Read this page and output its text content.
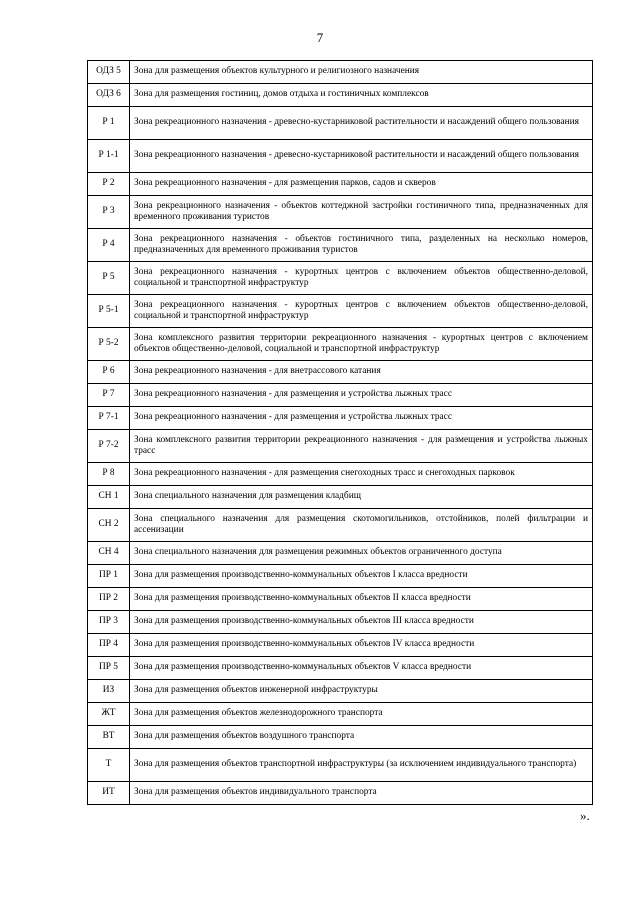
7
ОДЗ 5	Зона для размещения объектов культурного и религиозного назначения
ОДЗ 6	Зона для размещения гостиниц, домов отдыха и гостиничных комплексов
Р 1	Зона рекреационного назначения - древесно-кустарниковой растительности и насаждений общего пользования
Р 1-1	Зона рекреационного назначения - древесно-кустарниковой растительности и насаждений общего пользования
Р 2	Зона рекреационного назначения - для размещения парков, садов и скверов
Р 3	Зона рекреационного назначения - объектов коттеджной застройки гостиничного типа, предназначенных для временного проживания туристов
Р 4	Зона рекреационного назначения - объектов гостиничного типа, разделенных на несколько номеров, предназначенных для временного проживания туристов
Р 5	Зона рекреационного назначения - курортных центров с включением объектов общественно-деловой, социальной и транспортной инфраструктур
Р 5-1	Зона рекреационного назначения - курортных центров с включением объектов общественно-деловой, социальной и транспортной инфраструктур
Р 5-2	Зона комплексного развития территории рекреационного назначения - курортных центров с включением объектов общественно-деловой, социальной и транспортной инфраструктур
Р 6	Зона рекреационного назначения - для внетрассового катания
Р 7	Зона рекреационного назначения - для размещения и устройства лыжных трасс
Р 7-1	Зона рекреационного назначения - для размещения и устройства лыжных трасс
Р 7-2	Зона комплексного развития территории рекреационного назначения - для размещения и устройства лыжных трасс
Р 8	Зона рекреационного назначения - для размещения снегоходных трасс и снегоходных парковок
СН 1	Зона специального назначения для размещения кладбищ
СН 2	Зона специального назначения для размещения скотомогильников, отстойников, полей фильтрации и ассенизации
СН 4	Зона специального назначения для размещения режимных объектов ограниченного доступа
ПР 1	Зона для размещения производственно-коммунальных объектов I класса вредности
ПР 2	Зона для размещения производственно-коммунальных объектов II класса вредности
ПР 3	Зона для размещения производственно-коммунальных объектов III класса вредности
ПР 4	Зона для размещения производственно-коммунальных объектов IV класса вредности
ПР 5	Зона для размещения производственно-коммунальных объектов V класса вредности
ИЗ	Зона для размещения объектов инженерной инфраструктуры
ЖТ	Зона для размещения объектов железнодорожного транспорта
ВТ	Зона для размещения объектов воздушного транспорта
Т	Зона для размещения объектов транспортной инфраструктуры (за исключением индивидуального транспорта)
ИТ	Зона для размещения объектов индивидуального транспорта
».
